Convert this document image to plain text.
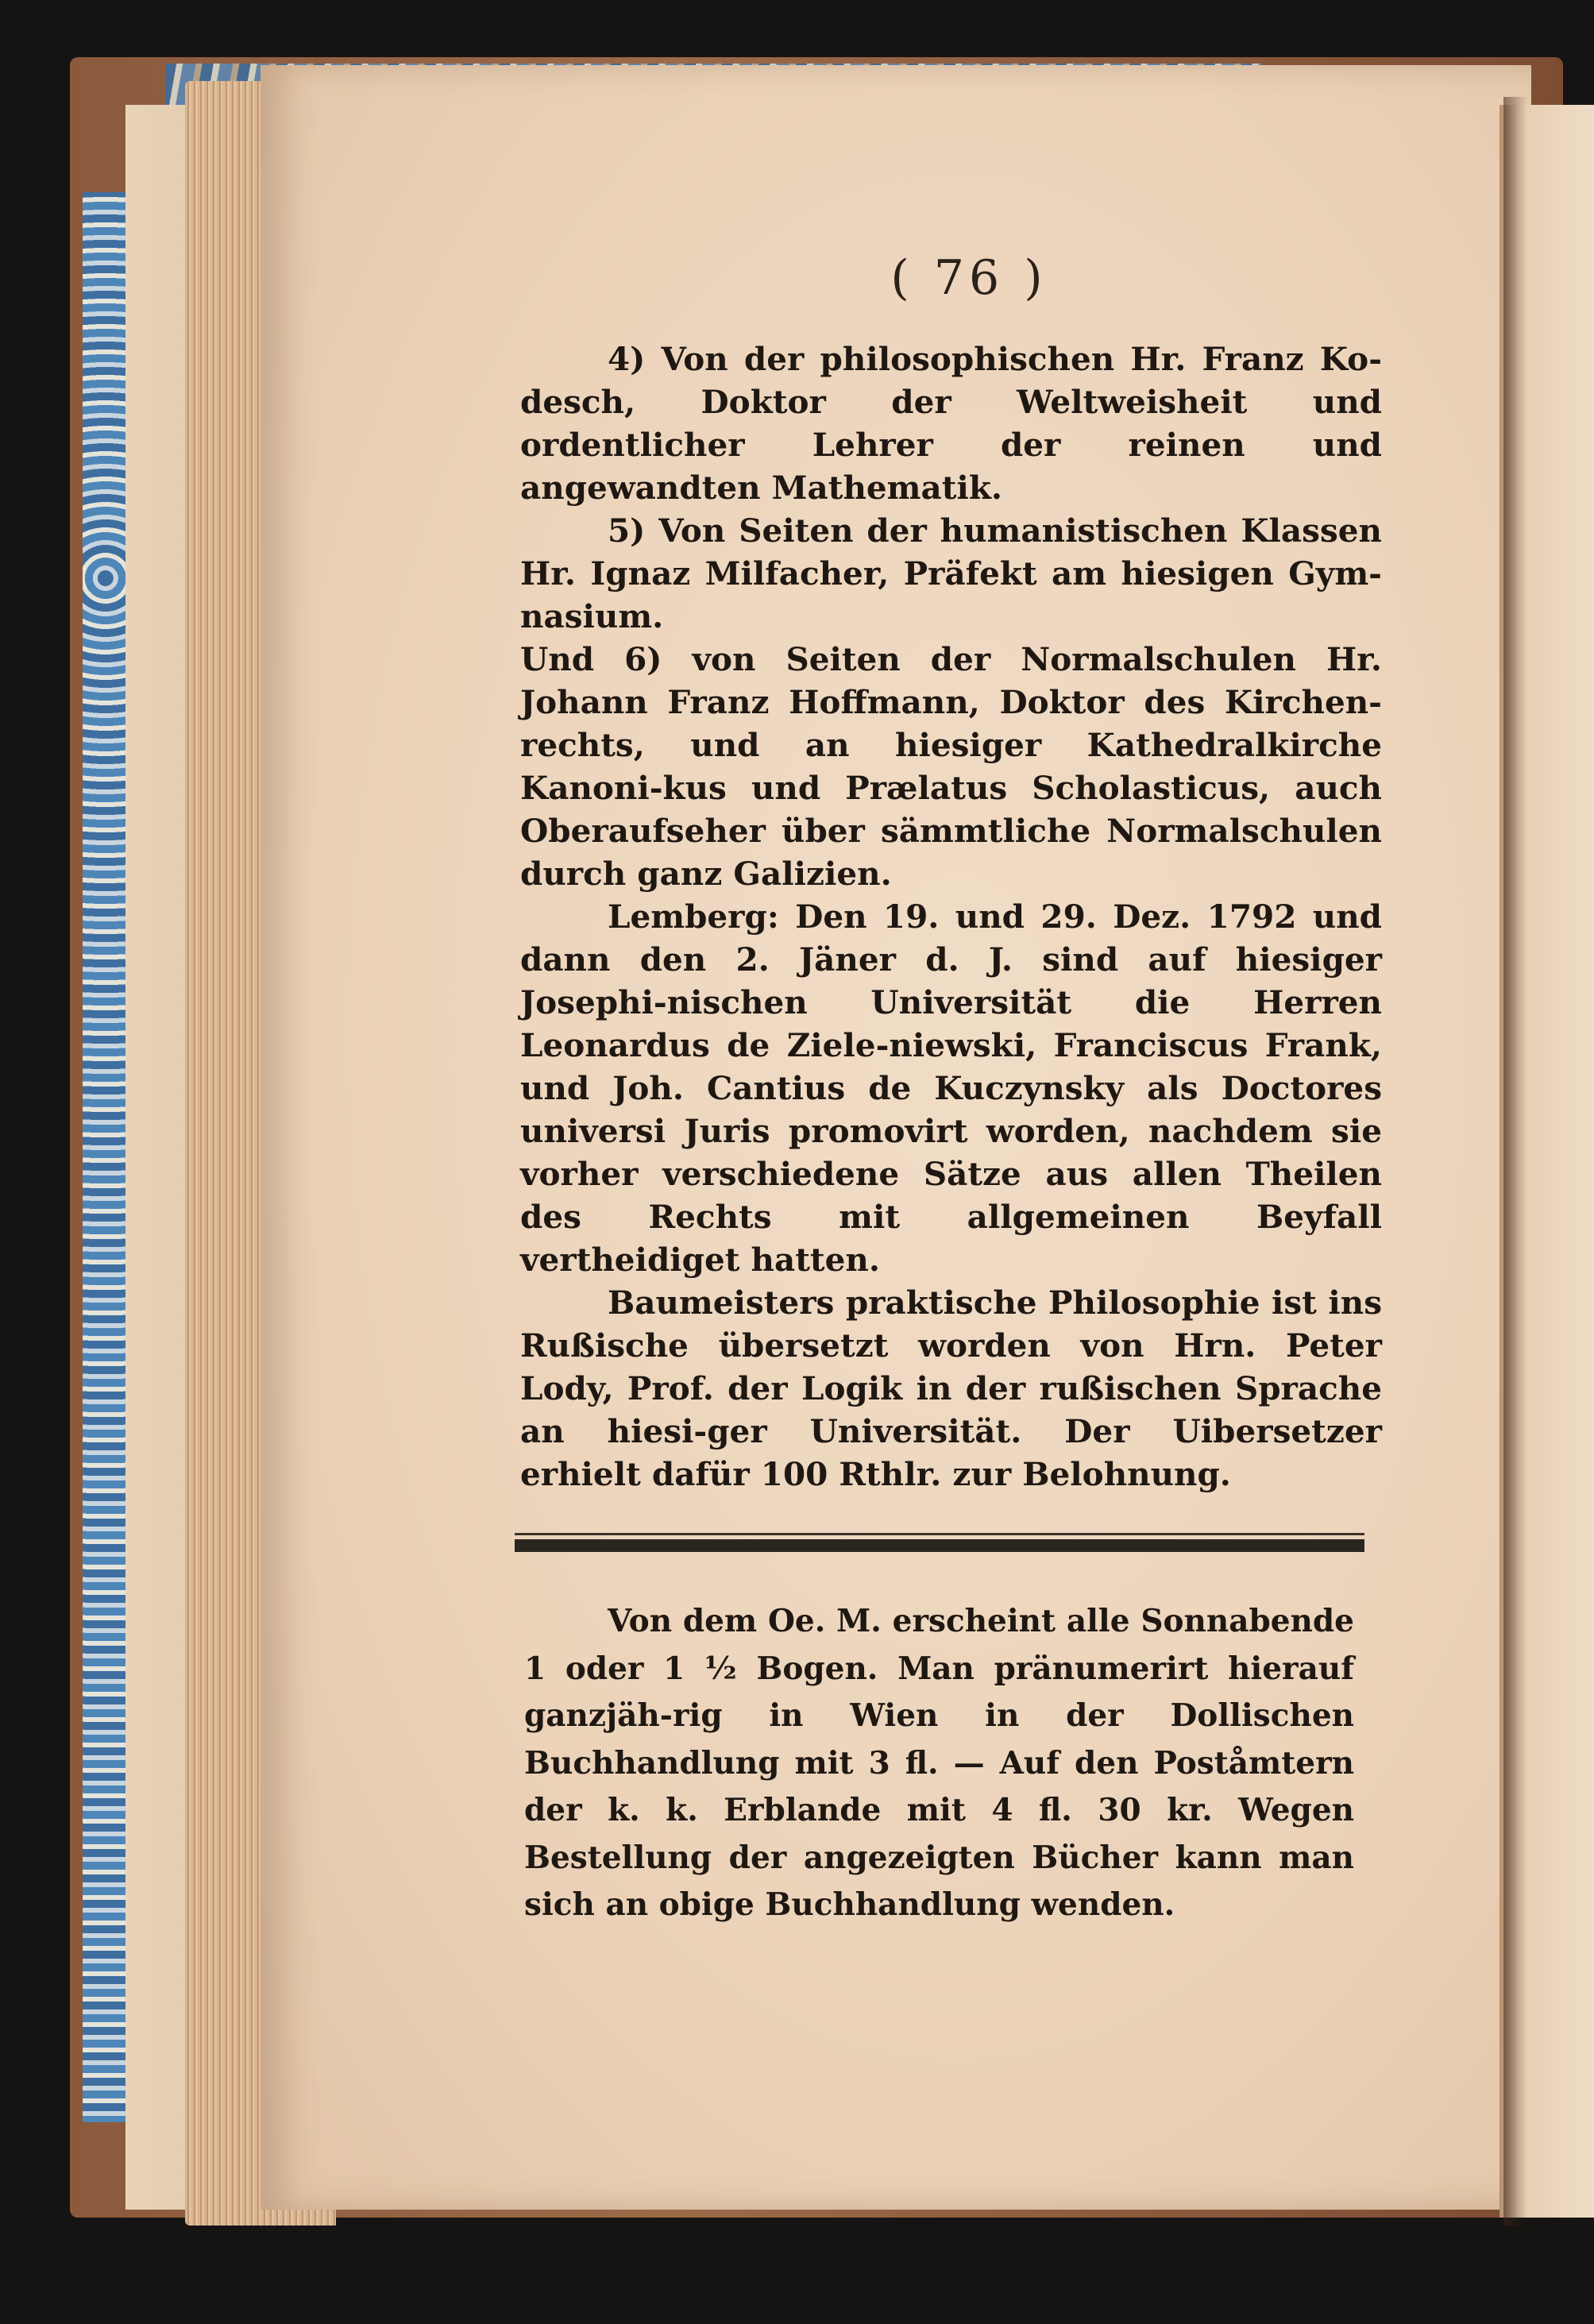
( 76 )

4) Von der philosophischen Hr. Franz Ko-desch, Doktor der Weltweisheit und ordentlicher Lehrer der reinen und angewandten Mathematik.

5) Von Seiten der humanistischen Klassen Hr. Ignaz Milfacher, Präfekt am hiesigen Gym-nasium.

Und 6) von Seiten der Normalschulen Hr. Johann Franz Hoffmann, Doktor des Kirchen-rechts, und an hiesiger Kathedralkirche Kanoni-kus und Prælatus Scholasticus, auch Oberaufseher über sämmtliche Normalschulen durch ganz Galizien.

Lemberg: Den 19. und 29. Dez. 1792 und dann den 2. Jäner d. J. sind auf hiesiger Josephi-nischen Universität die Herren Leonardus de Ziele-niewski, Franciscus Frank, und Joh. Cantius de Kuczynsky als Doctores universi Juris promovirt worden, nachdem sie vorher verschiedene Sätze aus allen Theilen des Rechts mit allgemeinen Beyfall vertheidiget hatten.

Baumeisters praktische Philosophie ist ins Rußische übersetzt worden von Hrn. Peter Lody, Prof. der Logik in der rußischen Sprache an hiesi-ger Universität. Der Uibersetzer erhielt dafür 100 Rthlr. zur Belohnung.

Von dem Oe. M. erscheint alle Sonnabende 1 oder 1 ½ Bogen. Man pränumerirt hierauf ganzjäh-rig in Wien in der Dollischen Buchhandlung mit 3 fl. — Auf den Poståmtern der k. k. Erblande mit 4 fl. 30 kr. Wegen Bestellung der angezeigten Bücher kann man sich an obige Buchhandlung wenden.
